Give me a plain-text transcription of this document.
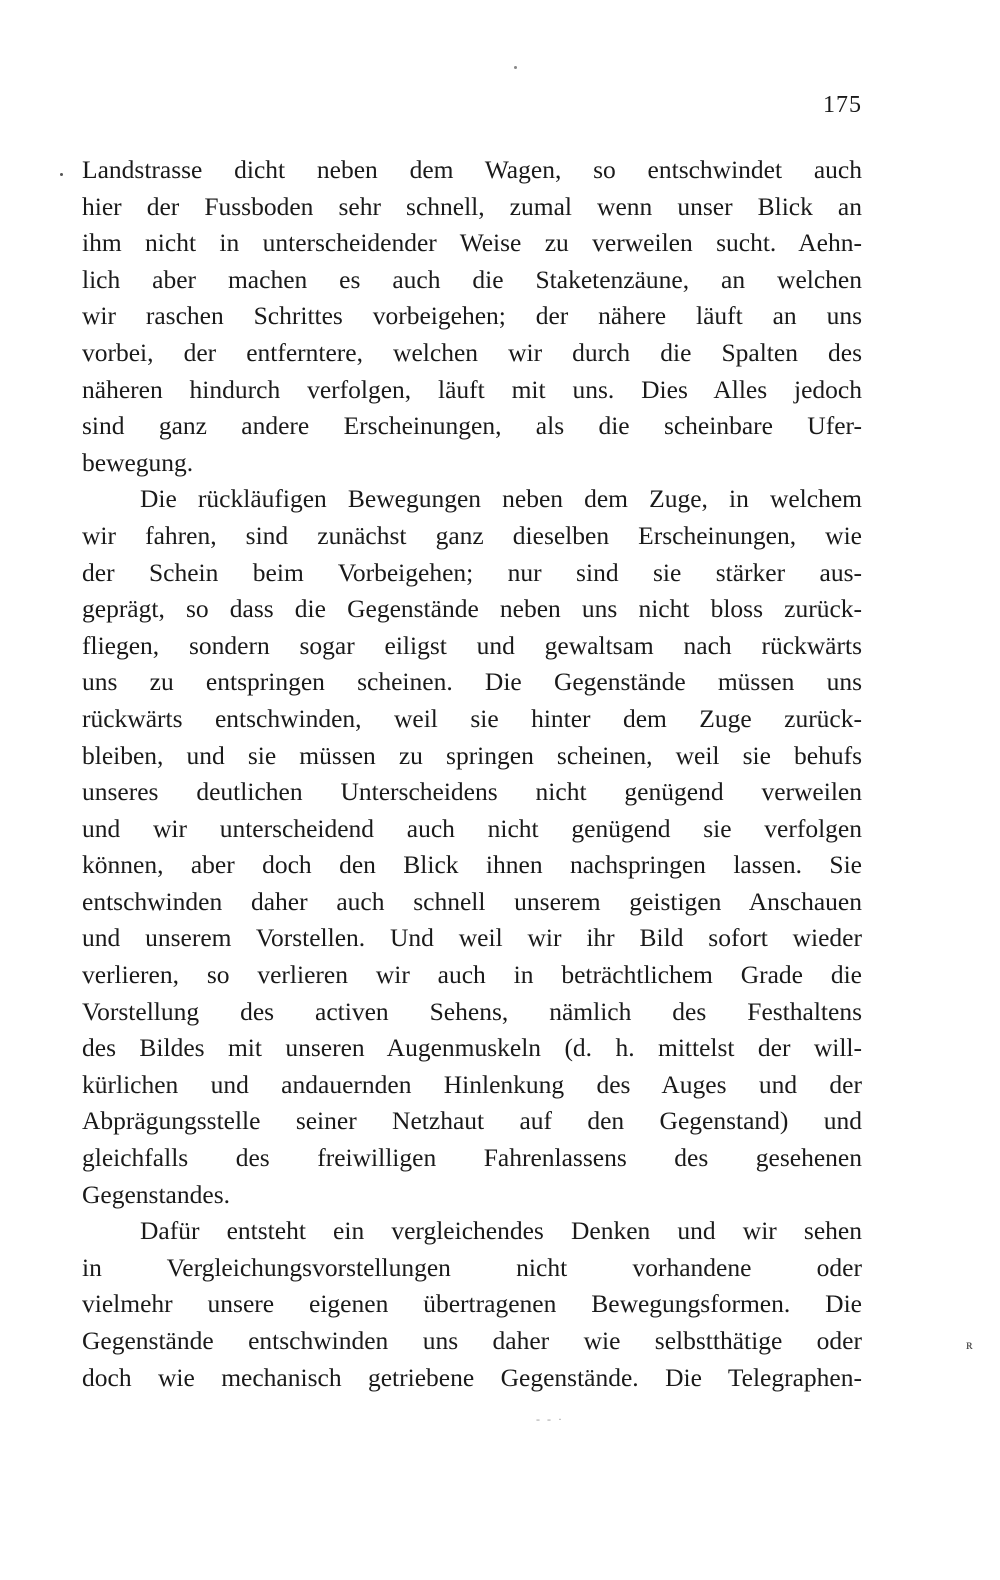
ʀ
175
Landstrasse dicht neben dem Wagen, so entschwindet auch
hier der Fussboden sehr schnell, zumal wenn unser Blick an
ihm nicht in unterscheidender Weise zu verweilen sucht. Aehn-
lich aber machen es auch die Staketenzäune, an welchen
wir raschen Schrittes vorbeigehen; der nähere läuft an uns
vorbei, der entferntere, welchen wir durch die Spalten des
näheren hindurch verfolgen, läuft mit uns. Dies Alles jedoch
sind ganz andere Erscheinungen, als die scheinbare Ufer-
bewegung.
Die rückläufigen Bewegungen neben dem Zuge, in welchem
wir fahren, sind zunächst ganz dieselben Erscheinungen, wie
der Schein beim Vorbeigehen; nur sind sie stärker aus-
geprägt, so dass die Gegenstände neben uns nicht bloss zurück-
fliegen, sondern sogar eiligst und gewaltsam nach rückwärts
uns zu entspringen scheinen. Die Gegenstände müssen uns
rückwärts entschwinden, weil sie hinter dem Zuge zurück-
bleiben, und sie müssen zu springen scheinen, weil sie behufs
unseres deutlichen Unterscheidens nicht genügend verweilen
und wir unterscheidend auch nicht genügend sie verfolgen
können, aber doch den Blick ihnen nachspringen lassen. Sie
entschwinden daher auch schnell unserem geistigen Anschauen
und unserem Vorstellen. Und weil wir ihr Bild sofort wieder
verlieren, so verlieren wir auch in beträchtlichem Grade die
Vorstellung des activen Sehens, nämlich des Festhaltens
des Bildes mit unseren Augenmuskeln (d. h. mittelst der will-
kürlichen und andauernden Hinlenkung des Auges und der
Abprägungsstelle seiner Netzhaut auf den Gegenstand) und
gleichfalls des freiwilligen Fahrenlassens des gesehenen
Gegenstandes.
Dafür entsteht ein vergleichendes Denken und wir sehen
in Vergleichungsvorstellungen nicht vorhandene oder
vielmehr unsere eigenen übertragenen Bewegungsformen. Die
Gegenstände entschwinden uns daher wie selbstthätige oder
doch wie mechanisch getriebene Gegenstände. Die Telegraphen-
- - ·
